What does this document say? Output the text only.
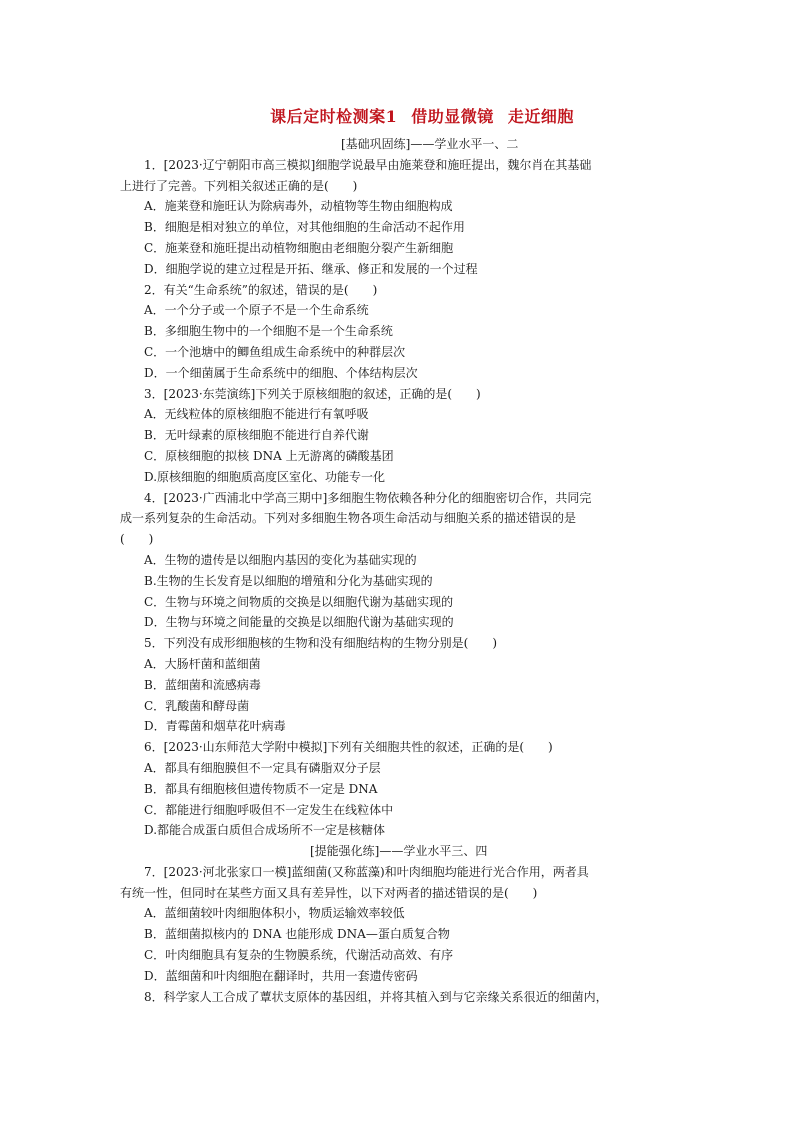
课后定时检测案1 借助显微镜 走近细胞
[基础巩固练]——学业水平一、二
1．[2023·辽宁朝阳市高三模拟]细胞学说最早由施莱登和施旺提出，魏尔肖在其基础
上进行了完善。下列相关叙述正确的是(　　)
A．施莱登和施旺认为除病毒外，动植物等生物由细胞构成
B．细胞是相对独立的单位，对其他细胞的生命活动不起作用
C．施莱登和施旺提出动植物细胞由老细胞分裂产生新细胞
D．细胞学说的建立过程是开拓、继承、修正和发展的一个过程
2．有关“生命系统”的叙述，错误的是(　　)
A．一个分子或一个原子不是一个生命系统
B．多细胞生物中的一个细胞不是一个生命系统
C．一个池塘中的鲫鱼组成生命系统中的种群层次
D．一个细菌属于生命系统中的细胞、个体结构层次
3．[2023·东莞演练]下列关于原核细胞的叙述，正确的是(　　)
A．无线粒体的原核细胞不能进行有氧呼吸
B．无叶绿素的原核细胞不能进行自养代谢
C．原核细胞的拟核 DNA 上无游离的磷酸基团
D.原核细胞的细胞质高度区室化、功能专一化
4．[2023·广西浦北中学高三期中]多细胞生物依赖各种分化的细胞密切合作，共同完
成一系列复杂的生命活动。下列对多细胞生物各项生命活动与细胞关系的描述错误的是
(　　)
A．生物的遗传是以细胞内基因的变化为基础实现的
B.生物的生长发育是以细胞的增殖和分化为基础实现的
C．生物与环境之间物质的交换是以细胞代谢为基础实现的
D．生物与环境之间能量的交换是以细胞代谢为基础实现的
5．下列没有成形细胞核的生物和没有细胞结构的生物分别是(　　)
A．大肠杆菌和蓝细菌
B．蓝细菌和流感病毒
C．乳酸菌和酵母菌
D．青霉菌和烟草花叶病毒
6．[2023·山东师范大学附中模拟]下列有关细胞共性的叙述，正确的是(　　)
A．都具有细胞膜但不一定具有磷脂双分子层
B．都具有细胞核但遗传物质不一定是 DNA
C．都能进行细胞呼吸但不一定发生在线粒体中
D.都能合成蛋白质但合成场所不一定是核糖体
[提能强化练]——学业水平三、四
7．[2023·河北张家口一模]蓝细菌(又称蓝藻)和叶肉细胞均能进行光合作用，两者具
有统一性，但同时在某些方面又具有差异性，以下对两者的描述错误的是(　　)
A．蓝细菌较叶肉细胞体积小，物质运输效率较低
B．蓝细菌拟核内的 DNA 也能形成 DNA—蛋白质复合物
C．叶肉细胞具有复杂的生物膜系统，代谢活动高效、有序
D．蓝细菌和叶肉细胞在翻译时，共用一套遗传密码
8．科学家人工合成了蕈状支原体的基因组，并将其植入到与它亲缘关系很近的细菌内，
